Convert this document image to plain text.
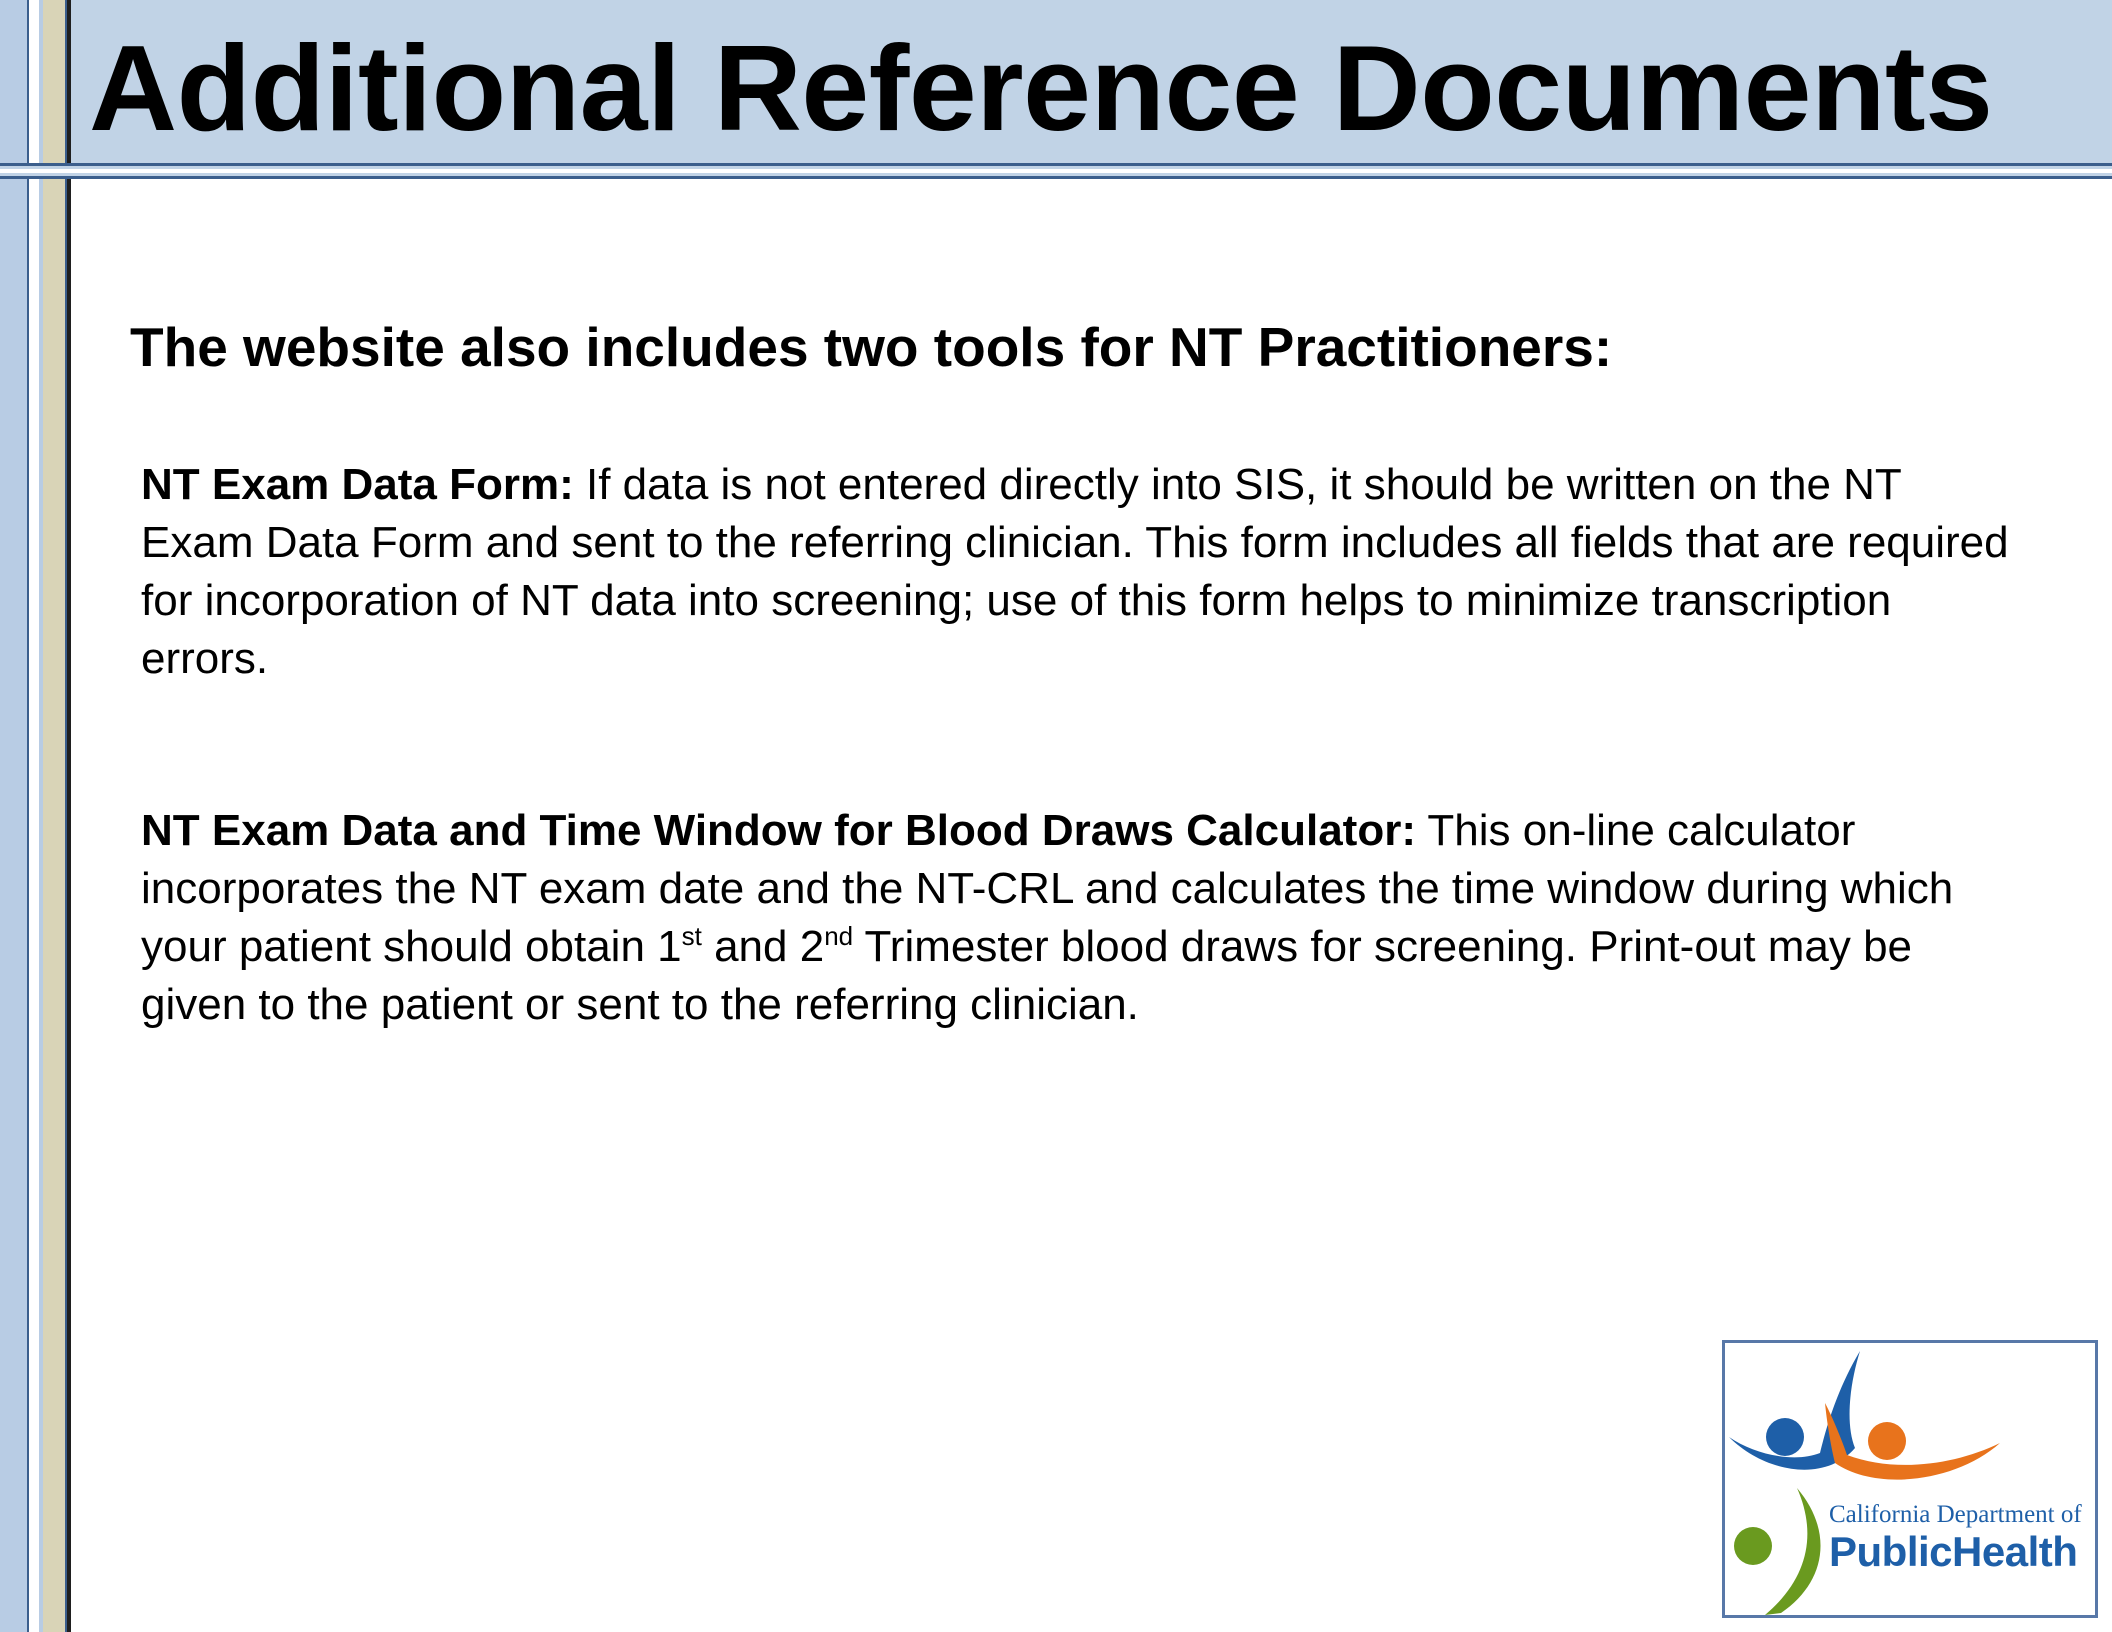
Additional Reference Documents
The website also includes two tools for NT Practitioners:
NT Exam Data Form: If data is not entered directly into SIS, it should be written on the NT Exam Data Form and sent to the referring clinician. This form includes all fields that are required for incorporation of NT data into screening; use of this form helps to minimize transcription errors.
NT Exam Data and Time Window for Blood Draws Calculator: This on-line calculator incorporates the NT exam date and the NT-CRL and calculates the time window during which your patient should obtain 1st and 2nd Trimester blood draws for screening. Print-out may be given to the patient or sent to the referring clinician.
California Department of
PublicHealth
